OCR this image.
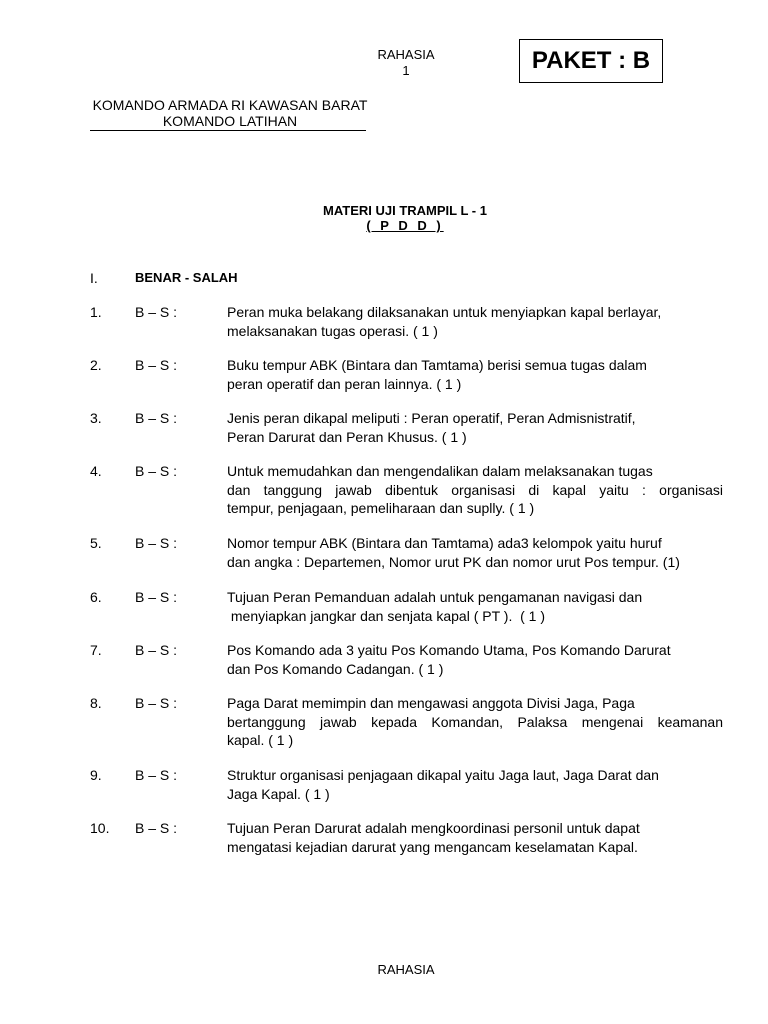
RAHASIA
1	PAKET : B
KOMANDO ARMADA RI KAWASAN BARAT
KOMANDO LATIHAN
MATERI UJI TRAMPIL L - 1
( P D D )
I.	BENAR - SALAH
1. B – S :	Peran muka belakang dilaksanakan untuk menyiapkan kapal berlayar,
melaksanakan tugas operasi. ( 1 )
2. B – S :	Buku tempur ABK (Bintara dan Tamtama) berisi semua tugas dalam
peran operatif dan peran lainnya. ( 1 )
3. B – S :	Jenis peran dikapal meliputi : Peran operatif, Peran Admisnistratif,
Peran Darurat dan Peran Khusus. ( 1 )
4. B – S :	Untuk memudahkan dan mengendalikan dalam melaksanakan tugas
dan tanggung jawab dibentuk organisasi di kapal yaitu : organisasi
tempur, penjagaan, pemeliharaan dan suplly. ( 1 )
5. B – S :	Nomor tempur ABK (Bintara dan Tamtama) ada3 kelompok yaitu huruf
dan angka : Departemen, Nomor urut PK dan nomor urut Pos tempur. (1)
6. B – S :	Tujuan Peran Pemanduan adalah untuk pengamanan navigasi dan
menyiapkan jangkar dan senjata kapal ( PT ).  ( 1 )
7. B – S :	Pos Komando ada 3 yaitu Pos Komando Utama, Pos Komando Darurat
dan Pos Komando Cadangan. ( 1 )
8. B – S :	Paga Darat memimpin dan mengawasi anggota Divisi Jaga, Paga
bertanggung jawab kepada Komandan, Palaksa mengenai keamanan
kapal. ( 1 )
9. B – S :	Struktur organisasi penjagaan dikapal yaitu Jaga laut, Jaga Darat dan
Jaga Kapal. ( 1 )
10. B – S :	Tujuan Peran Darurat adalah mengkoordinasi personil untuk dapat
mengatasi kejadian darurat yang mengancam keselamatan Kapal.
RAHASIA
